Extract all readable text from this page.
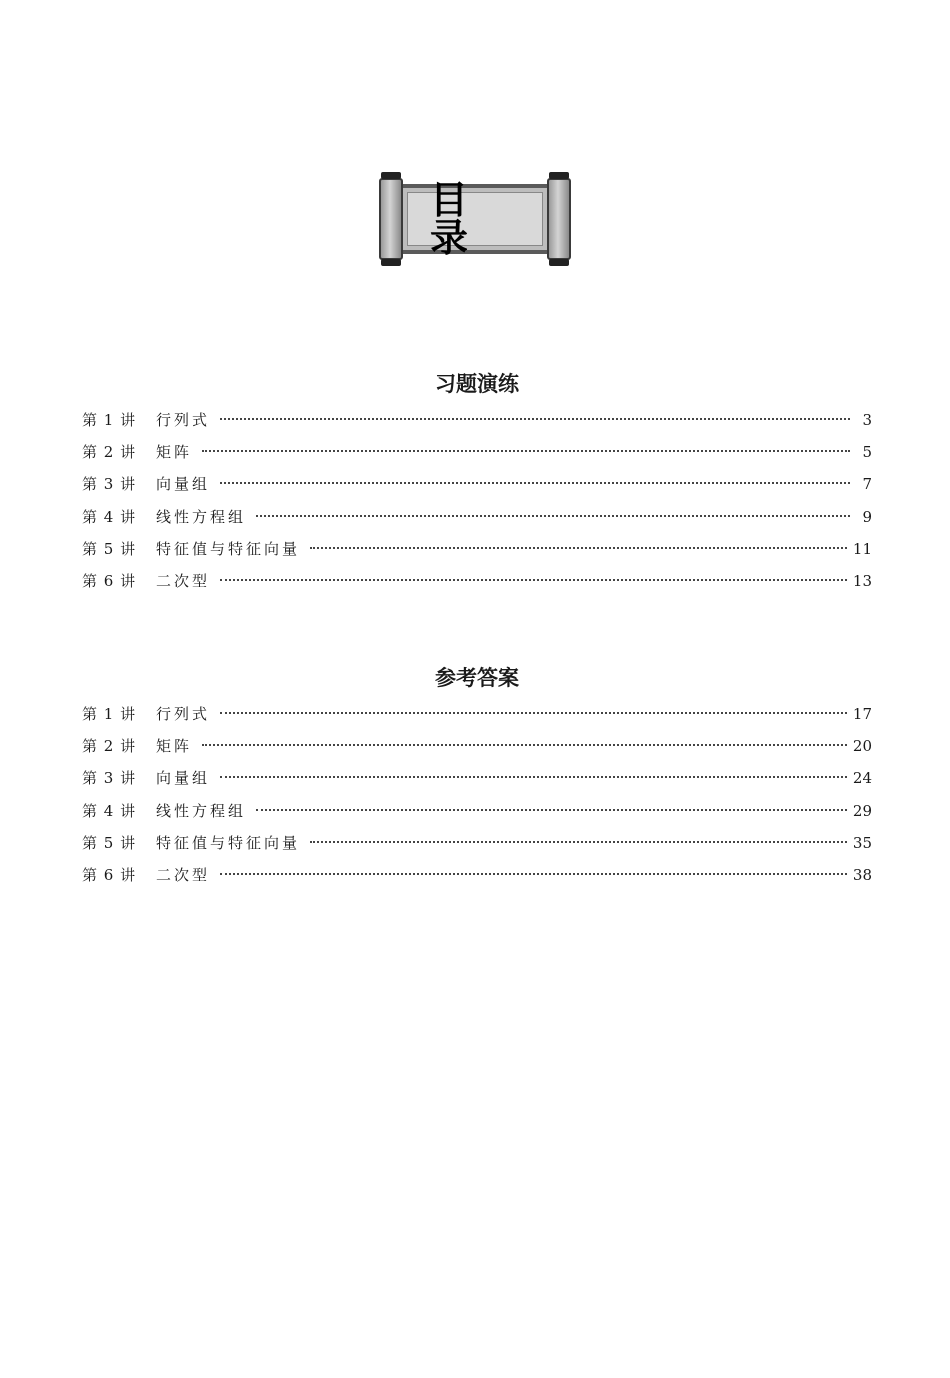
目录
习题演练
第 1 讲	行列式	3
第 2 讲	矩阵	5
第 3 讲	向量组	7
第 4 讲	线性方程组	9
第 5 讲	特征值与特征向量	11
第 6 讲	二次型	13
参考答案
第 1 讲	行列式	17
第 2 讲	矩阵	20
第 3 讲	向量组	24
第 4 讲	线性方程组	29
第 5 讲	特征值与特征向量	35
第 6 讲	二次型	38
